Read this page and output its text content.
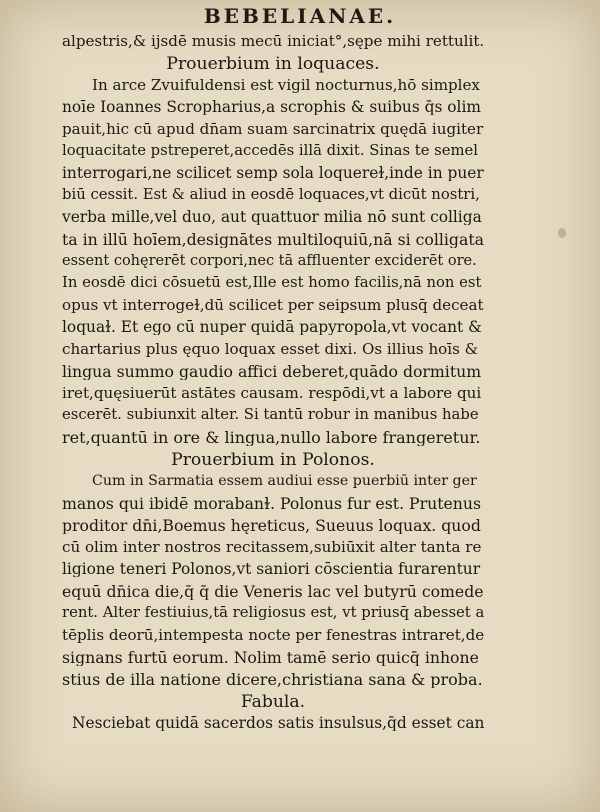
BEBELIANAE.
alpestris,& ijsdē musis mecū iniciat°,sępe mihi rettulit.
Prouerbium in loquaces.
In arce Zvuifuldensi est vigil nocturnus,hō simplex
noīe Ioannes Scropharius,a scrophis & suibus q̄s olim
pauit,hic cū apud dn̄am suam sarcinatrix quędā iugiter
loquacitate pstreperet,accedēs illā dixit. Sinas te semel
interrogari,ne scilicet semp sola loquereɫ,inde in puer
biū cessit. Est & aliud in eosdē loquaces,vt dicūt nostri,
verba mille,vel duo, aut quattuor milia nō sunt colliga
ta in illū hoīem,designātes multiloquiū,nā si colligata
essent cohęrerēt corpori,nec tā affluenter exciderēt ore.
In eosdē dici cōsuetū est,Ille est homo facilis,nā non est
opus vt interrogeɫ,dū scilicet per seipsum plusq̄ deceat
loquaɫ. Et ego cū nuper quidā papyropola,vt vocant &
chartarius plus ęquo loquax esset dixi. Os illius hoīs &
lingua summo gaudio affici deberet,quādo dormitum
iret,quęsiuerūt astātes causam. respōdi,vt a labore qui
escerēt. subiunxit alter. Si tantū robur in manibus habe
ret,quantū in ore & lingua,nullo labore frangeretur.
Prouerbium in Polonos.
Cum in Sarmatia essem audiui esse puerbiū inter ger
manos qui ibidē morabanɫ. Polonus fur est. Prutenus
proditor dn̄i,Boemus hęreticus, Sueuus loquax. quod
cū olim inter nostros recitassem,subiūxit alter tanta re
ligione teneri Polonos,vt saniori cōscientia furarentur
equū dn̄ica die,q̄ q̄ die Veneris lac vel butyrū comede
rent. Alter festiuius,tā religiosus est, vt priusq̄ abesset a
tēplis deorū,intempesta nocte per fenestras intraret,de
signans furtū eorum. Nolim tamē serio quicq̄ inhone
stius de illa natione dicere,christiana sana & proba.
Fabula.
Nesciebat quidā sacerdos satis insulsus,q̄d esset can
